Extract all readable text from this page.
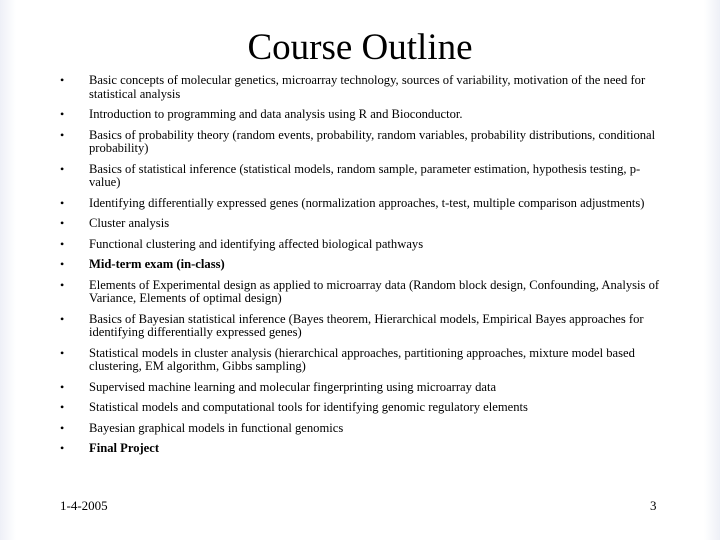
Course Outline
• Basic concepts of molecular genetics, microarray technology, sources of variability, motivation of the need for statistical analysis
• Introduction to programming and data analysis using R and Bioconductor.
• Basics of probability theory (random events, probability, random variables, probability distributions, conditional probability)
• Basics of statistical inference (statistical models, random sample, parameter estimation, hypothesis testing, p-value)
• Identifying differentially expressed genes (normalization approaches, t-test, multiple comparison adjustments)
• Cluster analysis
• Functional clustering and identifying affected biological pathways
• Mid-term exam (in-class)
• Elements of Experimental design as applied to microarray data (Random block design, Confounding, Analysis of Variance, Elements of optimal design)
• Basics of Bayesian statistical inference (Bayes theorem, Hierarchical models, Empirical Bayes approaches for identifying differentially expressed genes)
• Statistical models in cluster analysis (hierarchical approaches, partitioning approaches, mixture model based clustering, EM algorithm, Gibbs sampling)
• Supervised machine learning and molecular fingerprinting using microarray data
• Statistical models and computational tools for identifying genomic regulatory elements
• Bayesian graphical models in functional genomics
• Final Project
1-4-2005	3
